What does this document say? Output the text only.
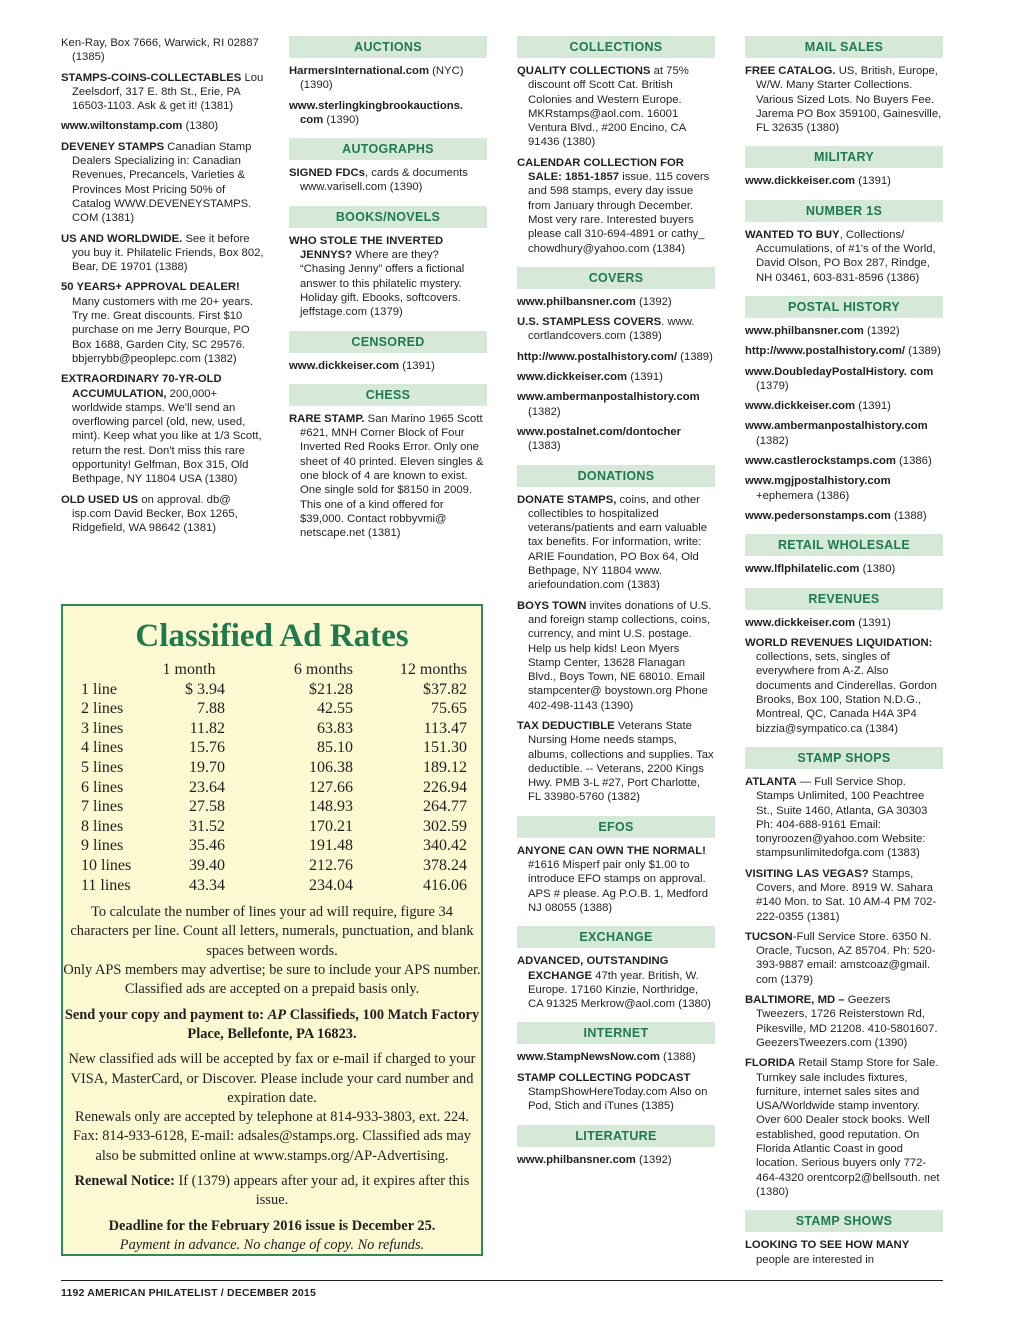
Ken-Ray, Box 7666, Warwick, RI 02887 (1385)
STAMPS-COINS-COLLECTABLES Lou Zeelsdorf, 317 E. 8th St., Erie, PA 16503-1103. Ask & get it! (1381)
www.wiltonstamp.com (1380)
DEVENEY STAMPS Canadian Stamp Dealers Specializing in: Canadian Revenues, Precancels, Varieties & Provinces Most Pricing 50% of Catalog WWW.DEVENEYSTAMPS. COM (1381)
US AND WORLDWIDE. See it before you buy it. Philatelic Friends, Box 802, Bear, DE 19701 (1388)
50 YEARS+ APPROVAL DEALER! Many customers with me 20+ years. Try me. Great discounts. First $10 purchase on me Jerry Bourque, PO Box 1688, Garden City, SC 29576. bbjerrybb@peoplepc.com (1382)
EXTRAORDINARY 70-YR-OLD ACCUMULATION, 200,000+ worldwide stamps. We'll send an overflowing parcel (old, new, used, mint). Keep what you like at 1/3 Scott, return the rest. Don't miss this rare opportunity! Gelfman, Box 315, Old Bethpage, NY 11804 USA (1380)
OLD USED US on approval. db@ isp.com David Becker, Box 1265, Ridgefield, WA 98642 (1381)
AUCTIONS
HarmersInternational.com (NYC) (1390)
www.sterlingkingbrookauctions. com (1390)
AUTOGRAPHS
SIGNED FDCs, cards & documents www.varisell.com (1390)
BOOKS/NOVELS
WHO STOLE THE INVERTED JENNYS? Where are they? “Chasing Jenny” offers a fictional answer to this philatelic mystery. Holiday gift. Ebooks, softcovers. jeffstage.com (1379)
CENSORED
www.dickkeiser.com (1391)
CHESS
RARE STAMP. San Marino 1965 Scott #621, MNH Corner Block of Four Inverted Red Rooks Error. Only one sheet of 40 printed. Eleven singles & one block of 4 are known to exist. One single sold for $8150 in 2009. This one of a kind offered for $39,000. Contact robbyvmi@ netscape.net (1381)
COLLECTIONS
QUALITY COLLECTIONS at 75% discount off Scott Cat. British Colonies and Western Europe. MKRstamps@aol.com. 16001 Ventura Blvd., #200 Encino, CA 91436 (1380)
CALENDAR COLLECTION FOR SALE: 1851-1857 issue. 115 covers and 598 stamps, every day issue from January through December. Most very rare. Interested buyers please call 310-694-4891 or cathy_ chowdhury@yahoo.com (1384)
COVERS
www.philbansner.com (1392)
U.S. STAMPLESS COVERS. www. cortlandcovers.com (1389)
http://www.postalhistory.com/ (1389)
www.dickkeiser.com (1391)
www.ambermanpostalhistory.com (1382)
www.postalnet.com/dontocher (1383)
DONATIONS
DONATE STAMPS, coins, and other collectibles to hospitalized veterans/patients and earn valuable tax benefits. For information, write: ARIE Foundation, PO Box 64, Old Bethpage, NY 11804 www. ariefoundation.com (1383)
BOYS TOWN invites donations of U.S. and foreign stamp collections, coins, currency, and mint U.S. postage. Help us help kids! Leon Myers Stamp Center, 13628 Flanagan Blvd., Boys Town, NE 68010. Email stampcenter@ boystown.org Phone 402-498-1143 (1390)
TAX DEDUCTIBLE Veterans State Nursing Home needs stamps, albums, collections and supplies. Tax deductible. -- Veterans, 2200 Kings Hwy. PMB 3-L #27, Port Charlotte, FL 33980-5760 (1382)
EFOS
ANYONE CAN OWN THE NORMAL! #1616 Misperf pair only $1.00 to introduce EFO stamps on approval. APS # please. Ag P.O.B. 1, Medford NJ 08055 (1388)
EXCHANGE
ADVANCED, OUTSTANDING EXCHANGE 47th year. British, W. Europe. 17160 Kinzie, Northridge, CA 91325 Merkrow@aol.com (1380)
INTERNET
www.StampNewsNow.com (1388)
STAMP COLLECTING PODCAST StampShowHereToday.com Also on Pod, Stich and iTunes (1385)
LITERATURE
www.philbansner.com (1392)
MAIL SALES
FREE CATALOG. US, British, Europe, W/W. Many Starter Collections. Various Sized Lots. No Buyers Fee. Jarema PO Box 359100, Gainesville, FL 32635 (1380)
MILITARY
www.dickkeiser.com (1391)
NUMBER 1S
WANTED TO BUY, Collections/ Accumulations, of #1's of the World, David Olson, PO Box 287, Rindge, NH 03461, 603-831-8596 (1386)
POSTAL HISTORY
www.philbansner.com (1392)
http://www.postalhistory.com/ (1389)
www.DoubledayPostalHistory. com (1379)
www.dickkeiser.com (1391)
www.ambermanpostalhistory.com (1382)
www.castlerockstamps.com (1386)
www.mgjpostalhistory.com +ephemera (1386)
www.pedersonstamps.com (1388)
RETAIL WHOLESALE
www.lflphilatelic.com (1380)
REVENUES
www.dickkeiser.com (1391)
WORLD REVENUES LIQUIDATION: collections, sets, singles of everywhere from A-Z. Also documents and Cinderellas. Gordon Brooks, Box 100, Station N.D.G., Montreal, QC, Canada H4A 3P4 bizzia@sympatico.ca (1384)
STAMP SHOPS
ATLANTA — Full Service Shop. Stamps Unlimited, 100 Peachtree St., Suite 1460, Atlanta, GA 30303 Ph: 404-688-9161 Email: tonyroozen@yahoo.com Website: stampsunlimitedofga.com (1383)
VISITING LAS VEGAS? Stamps, Covers, and More. 8919 W. Sahara #140 Mon. to Sat. 10 AM-4 PM 702-222-0355 (1381)
TUCSON-Full Service Store. 6350 N. Oracle, Tucson, AZ 85704. Ph: 520-393-9887 email: amstcoaz@gmail. com (1379)
BALTIMORE, MD – Geezers Tweezers, 1726 Reisterstown Rd, Pikesville, MD 21208. 410-5801607. GeezersTweezers.com (1390)
FLORIDA Retail Stamp Store for Sale. Turnkey sale includes fixtures, furniture, internet sales sites and USA/Worldwide stamp inventory. Over 600 Dealer stock books. Well established, good reputation. On Florida Atlantic Coast in good location. Serious buyers only 772-464-4320 orentcorp2@bellsouth. net (1380)
STAMP SHOWS
LOOKING TO SEE HOW MANY people are interested in
Classified Ad Rates
	1 month	6 months	12 months
1 line	$ 3.94	$21.28	$37.82
2 lines	7.88	42.55	75.65
3 lines	11.82	63.83	113.47
4 lines	15.76	85.10	151.30
5 lines	19.70	106.38	189.12
6 lines	23.64	127.66	226.94
7 lines	27.58	148.93	264.77
8 lines	31.52	170.21	302.59
9 lines	35.46	191.48	340.42
10 lines	39.40	212.76	378.24
11 lines	43.34	234.04	416.06

To calculate the number of lines your ad will require, figure 34 characters per line. Count all letters, numerals, punctuation, and blank spaces between words.

Only APS members may advertise; be sure to include your APS number. Classified ads are accepted on a prepaid basis only.

Send your copy and payment to: AP Classifieds, 100 Match Factory Place, Bellefonte, PA 16823.

New classified ads will be accepted by fax or e-mail if charged to your VISA, MasterCard, or Discover. Please include your card number and expiration date.

Renewals only are accepted by telephone at 814-933-3803, ext. 224. Fax: 814-933-6128, E-mail: adsales@stamps.org. Classified ads may also be submitted online at www.stamps.org/AP-Advertising.

Renewal Notice: If (1379) appears after your ad, it expires after this issue.

Deadline for the February 2016 issue is December 25.

Payment in advance. No change of copy. No refunds.

1192 AMERICAN PHILATELIST / DECEMBER 2015
